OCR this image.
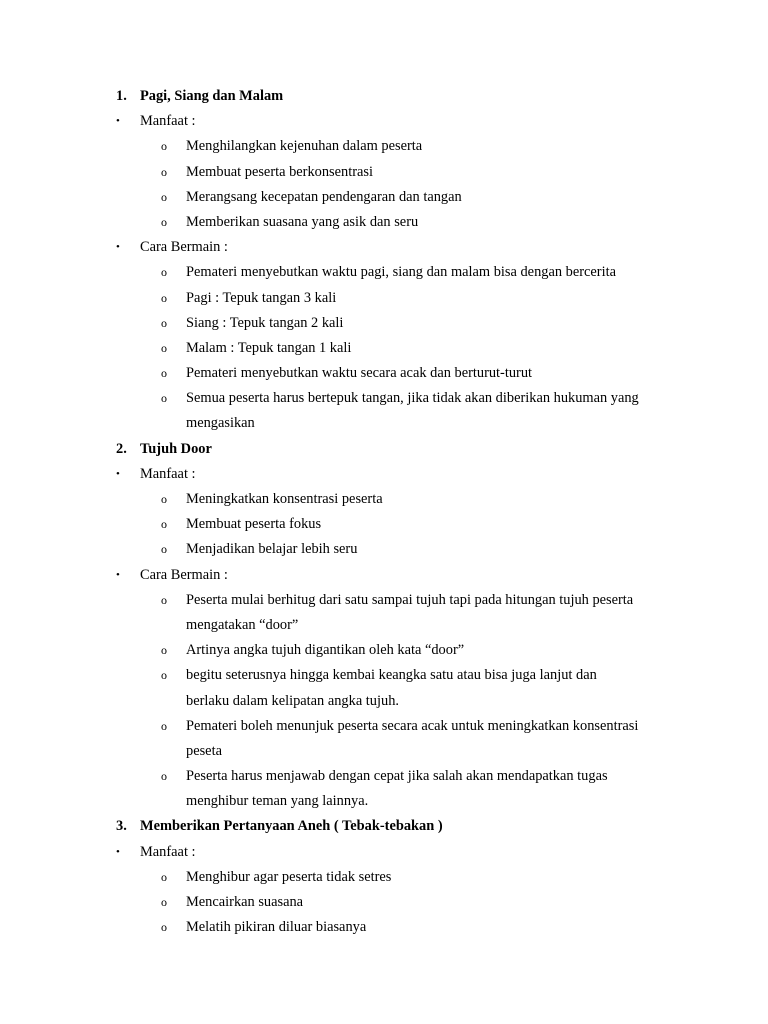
1. Pagi, Siang dan Malam
• Manfaat :
o Menghilangkan kejenuhan dalam peserta
o Membuat peserta berkonsentrasi
o Merangsang kecepatan pendengaran dan tangan
o Memberikan suasana yang asik dan seru
• Cara Bermain :
o Pemateri menyebutkan waktu pagi, siang dan malam bisa dengan bercerita
o Pagi : Tepuk tangan 3 kali
o Siang : Tepuk tangan 2 kali
o Malam : Tepuk tangan 1 kali
o Pemateri menyebutkan waktu secara acak dan berturut-turut
o Semua peserta harus bertepuk tangan, jika tidak akan diberikan hukuman yang
mengasikan
2. Tujuh Door
• Manfaat :
o Meningkatkan konsentrasi peserta
o Membuat peserta fokus
o Menjadikan belajar lebih seru
• Cara Bermain :
o Peserta mulai berhitug dari satu sampai tujuh tapi pada hitungan tujuh peserta
mengatakan “door”
o Artinya angka tujuh digantikan oleh kata “door”
o begitu seterusnya hingga kembai keangka satu atau bisa juga lanjut dan
berlaku dalam kelipatan angka tujuh.
o Pemateri boleh menunjuk peserta secara acak untuk meningkatkan konsentrasi
peseta
o Peserta harus menjawab dengan cepat jika salah akan mendapatkan tugas
menghibur teman yang lainnya.
3. Memberikan Pertanyaan Aneh ( Tebak-tebakan )
• Manfaat :
o Menghibur agar peserta tidak setres
o Mencairkan suasana
o Melatih pikiran diluar biasanya
